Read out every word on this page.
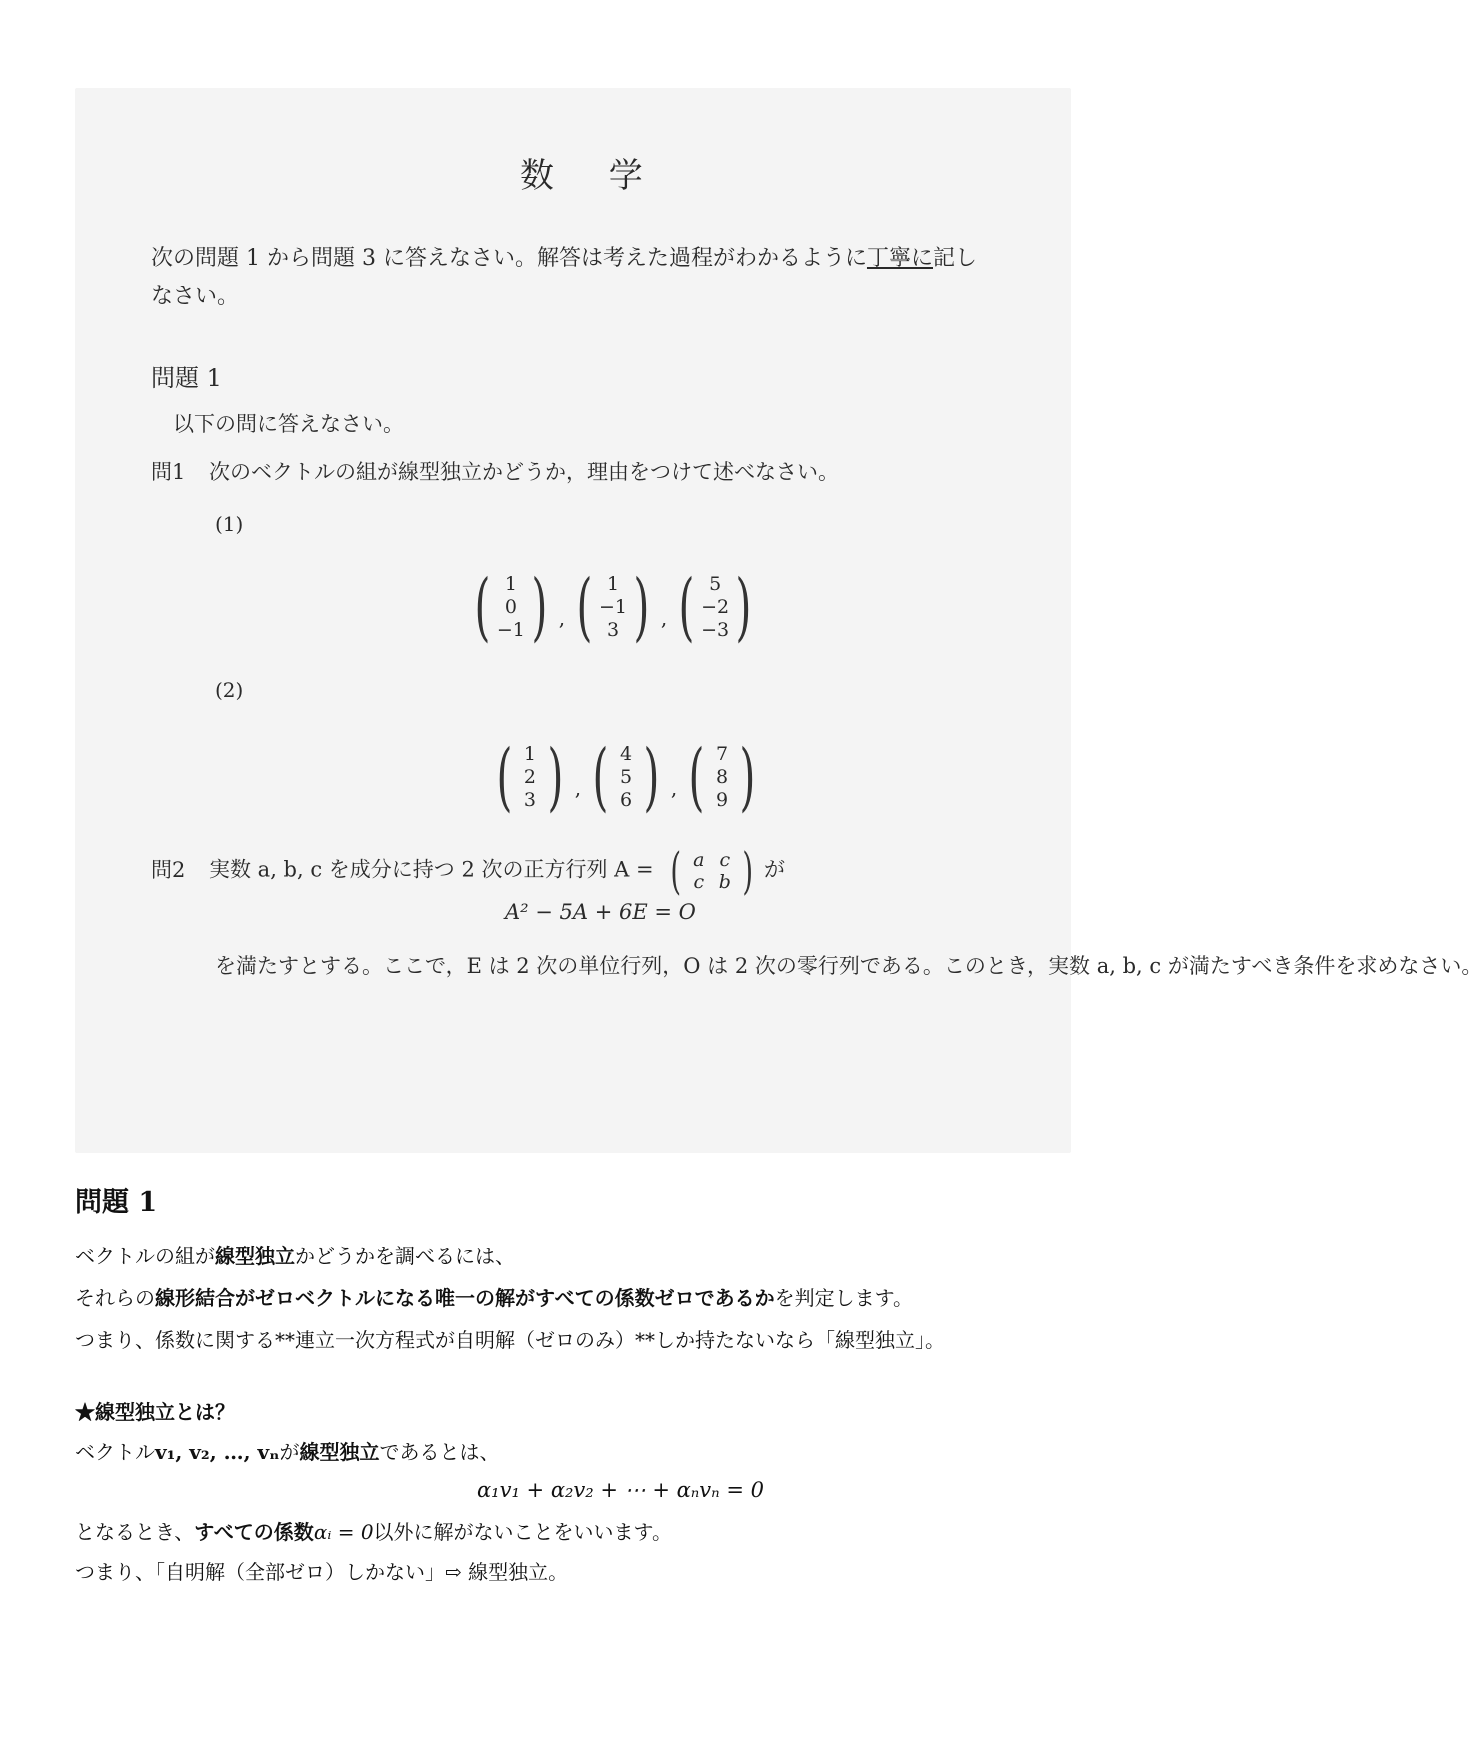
数 学
次の問題 1 から問題 3 に答えなさい。解答は考えた過程がわかるように丁寧に記しなさい。
問題 1
以下の問に答えなさい。
問1 次のベクトルの組が線型独立かどうか，理由をつけて述べなさい。
(1)
( 1
0
−1 ) , ( 1
−1
3 ) , ( 5
−2
−3 )
(2)
( 1
2
3 ) , ( 4
5
6 ) , ( 7
8
9 )
問2 実数 a, b, c を成分に持つ 2 次の正方行列 A = ( a c
c b ) が
A² − 5A + 6E = O
を満たすとする。ここで，E は 2 次の単位行列，O は 2 次の零行列である。このとき，実数 a, b, c が満たすべき条件を求めなさい。
問題 1
ベクトルの組が線型独立かどうかを調べるには、
それらの線形結合がゼロベクトルになる唯一の解がすべての係数ゼロであるかを判定します。
つまり、係数に関する**連立一次方程式が自明解（ゼロのみ）**しか持たないなら「線型独立」。
★線型独立とは？
ベクトルv₁, v₂, …, vₙが線型独立であるとは、
α₁v₁ + α₂v₂ + ⋯ + αₙvₙ = 0
となるとき、すべての係数αᵢ = 0以外に解がないことをいいます。
つまり、「自明解（全部ゼロ）しかない」⇨ 線型独立。
